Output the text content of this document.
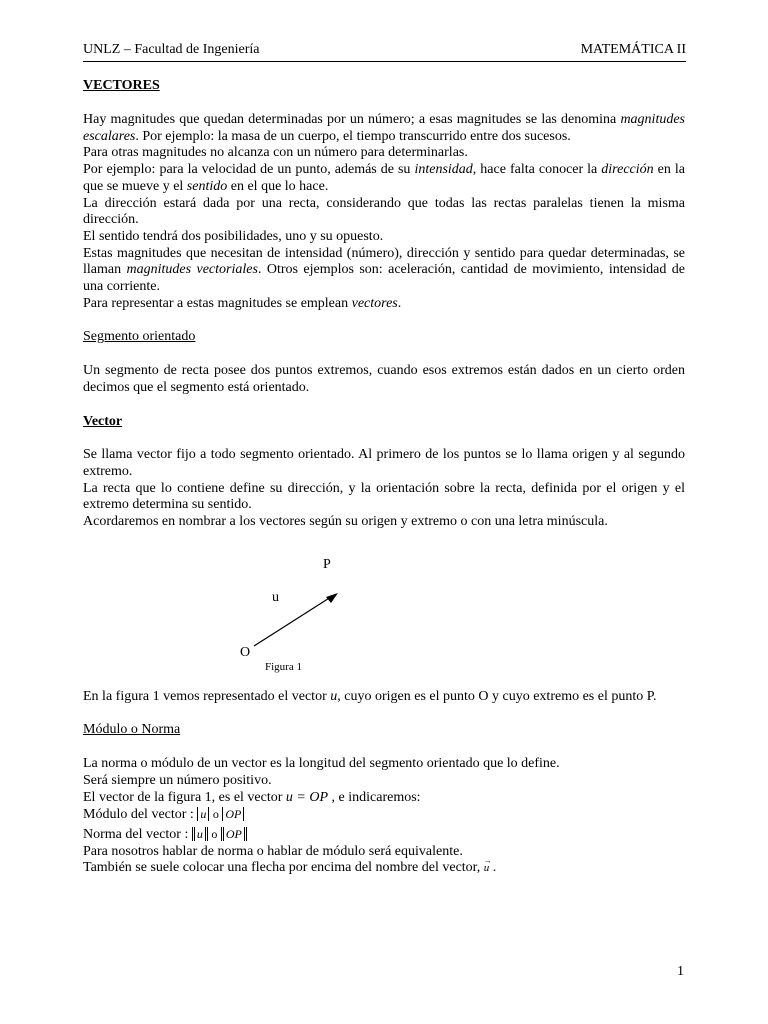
UNLZ – Facultad de Ingeniería	MATEMÁTICA II
VECTORES

Hay magnitudes que quedan determinadas por un número; a esas magnitudes se las denomina magnitudes escalares. Por ejemplo: la masa de un cuerpo, el tiempo transcurrido entre dos sucesos.

Para otras magnitudes no alcanza con un número para determinarlas.

Por ejemplo: para la velocidad de un punto, además de su intensidad, hace falta conocer la dirección en la que se mueve y el sentido en el que lo hace.

La dirección estará dada por una recta, considerando que todas las rectas paralelas tienen la misma dirección.

El sentido tendrá dos posibilidades, uno y su opuesto.

Estas magnitudes que necesitan de intensidad (número), dirección y sentido para quedar determinadas, se llaman magnitudes vectoriales. Otros ejemplos son: aceleración, cantidad de movimiento, intensidad de una corriente.

Para representar a estas magnitudes se emplean vectores.

Segmento orientado

Un segmento de recta posee dos puntos extremos, cuando esos extremos están dados en un cierto orden decimos que el segmento está orientado.

Vector

Se llama vector fijo a todo segmento orientado. Al primero de los puntos se lo llama origen y al segundo extremo.

La recta que lo contiene define su dirección, y la orientación sobre la recta, definida por el origen y el extremo determina su sentido.

Acordaremos en nombrar a los vectores según su origen y extremo o con una letra minúscula.

P
u
O
Figura 1

En la figura 1 vemos representado el vector u, cuyo origen es el punto O y cuyo extremo es el punto P.

Módulo o Norma

La norma o módulo de un vector es la longitud del segmento orientado que lo define.

Será siempre un número positivo.

El vector de la figura 1, es el vector u = OP , e indicaremos:

Módulo del vector : u o OP

Norma del vector : u o OP

Para nosotros hablar de norma o hablar de módulo será equivalente.

También se suele colocar una flecha por encima del nombre del vector, → u .

1
